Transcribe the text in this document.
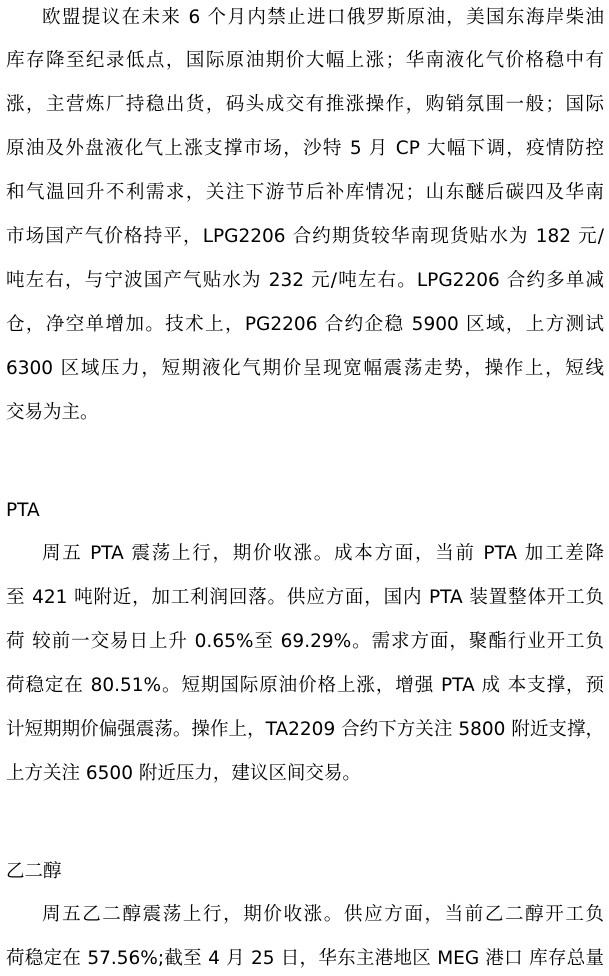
欧盟提议在未来 6 个月内禁止进口俄罗斯原油，美国东海岸柴油
库存降至纪录低点，国际原油期价大幅上涨；华南液化气价格稳中有
涨，主营炼厂持稳出货，码头成交有推涨操作，购销氛围一般；国际
原油及外盘液化气上涨支撑市场，沙特 5 月 CP 大幅下调，疫情防控
和气温回升不利需求，关注下游节后补库情况；山东醚后碳四及华南
市场国产气价格持平，LPG2206 合约期货较华南现货贴水为 182 元/
吨左右，与宁波国产气贴水为 232 元/吨左右。LPG2206 合约多单减
仓，净空单增加。技术上，PG2206 合约企稳 5900 区域，上方测试
6300 区域压力，短期液化气期价呈现宽幅震荡走势，操作上，短线
交易为主。
PTA
周五 PTA 震荡上行，期价收涨。成本方面，当前 PTA 加工差降
至 421 吨附近，加工利润回落。供应方面，国内 PTA 装置整体开工负
荷 较前一交易日上升 0.65%至 69.29%。需求方面，聚酯行业开工负
荷稳定在 80.51%。短期国际原油价格上涨，增强 PTA 成 本支撑，预
计短期期价偏强震荡。操作上，TA2209 合约下方关注 5800 附近支撑，
上方关注 6500 附近压力，建议区间交易。
乙二醇
周五乙二醇震荡上行，期价收涨。供应方面，当前乙二醇开工负
荷稳定在 57.56%;截至 4 月 25 日，华东主港地区 MEG 港口 库存总量
